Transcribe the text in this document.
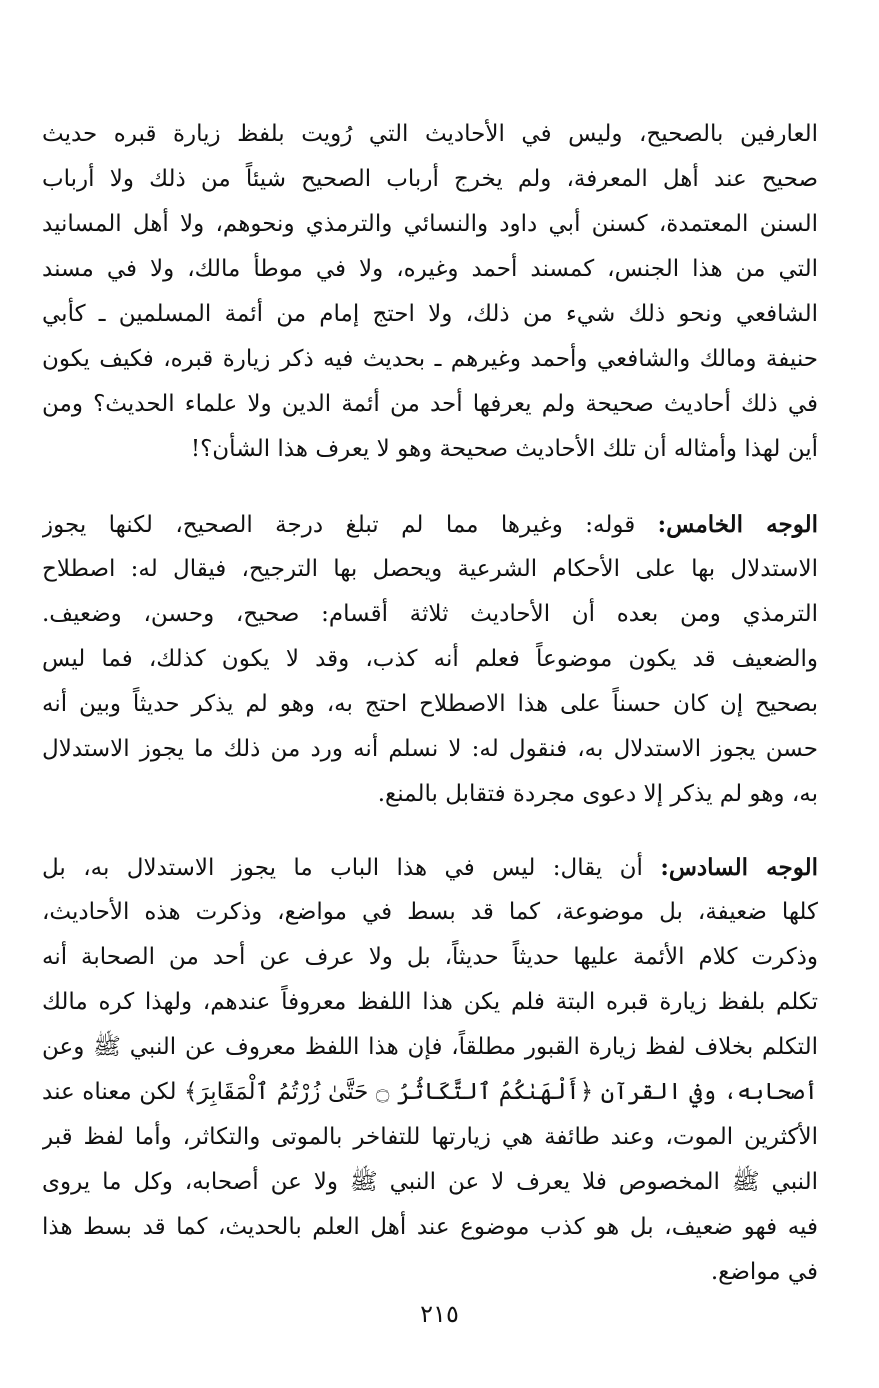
العارفين بالصحيح، وليس في الأحاديث التي رُويت بلفظ زيارة قبره حديث
صحيح عند أهل المعرفة، ولم يخرج أرباب الصحيح شيئاً من ذلك ولا أرباب
السنن المعتمدة، كسنن أبي داود والنسائي والترمذي ونحوهم، ولا أهل المسانيد
التي من هذا الجنس، كمسند أحمد وغيره، ولا في موطأ مالك، ولا في مسند
الشافعي ونحو ذلك شيء من ذلك، ولا احتج إمام من أئمة المسلمين ـ كأبي
حنيفة ومالك والشافعي وأحمد وغيرهم ـ بحديث فيه ذكر زيارة قبره، فكيف يكون
في ذلك أحاديث صحيحة ولم يعرفها أحد من أئمة الدين ولا علماء الحديث؟ ومن
أين لهذا وأمثاله أن تلك الأحاديث صحيحة وهو لا يعرف هذا الشأن؟!
الوجه الخامس: قوله: وغيرها مما لم تبلغ درجة الصحيح، لكنها يجوز
الاستدلال بها على الأحكام الشرعية ويحصل بها الترجيح، فيقال له: اصطلاح
الترمذي ومن بعده أن الأحاديث ثلاثة أقسام: صحيح، وحسن، وضعيف.
والضعيف قد يكون موضوعاً فعلم أنه كذب، وقد لا يكون كذلك، فما ليس
بصحيح إن كان حسناً على هذا الاصطلاح احتج به، وهو لم يذكر حديثاً وبين أنه
حسن يجوز الاستدلال به، فنقول له: لا نسلم أنه ورد من ذلك ما يجوز الاستدلال
به، وهو لم يذكر إلا دعوى مجردة فتقابل بالمنع.
الوجه السادس: أن يقال: ليس في هذا الباب ما يجوز الاستدلال به، بل
كلها ضعيفة، بل موضوعة، كما قد بسط في مواضع، وذكرت هذه الأحاديث،
وذكرت كلام الأئمة عليها حديثاً حديثاً، بل ولا عرف عن أحد من الصحابة أنه
تكلم بلفظ زيارة قبره البتة فلم يكن هذا اللفظ معروفاً عندهم، ولهذا كره مالك
التكلم بخلاف لفظ زيارة القبور مطلقاً، فإن هذا اللفظ معروف عن النبي ﷺ وعن
أصحابه، وفي القرآن ﴿أَلْهَىٰكُمُ ٱلتَّكَاثُرُ ۝ حَتَّىٰ زُرْتُمُ ٱلْمَقَابِرَ﴾ لكن معناه عند
الأكثرين الموت، وعند طائفة هي زيارتها للتفاخر بالموتى والتكاثر، وأما لفظ قبر
النبي ﷺ المخصوص فلا يعرف لا عن النبي ﷺ ولا عن أصحابه، وكل ما يروى
فيه فهو ضعيف، بل هو كذب موضوع عند أهل العلم بالحديث، كما قد بسط هذا
في مواضع.
٢١٥
